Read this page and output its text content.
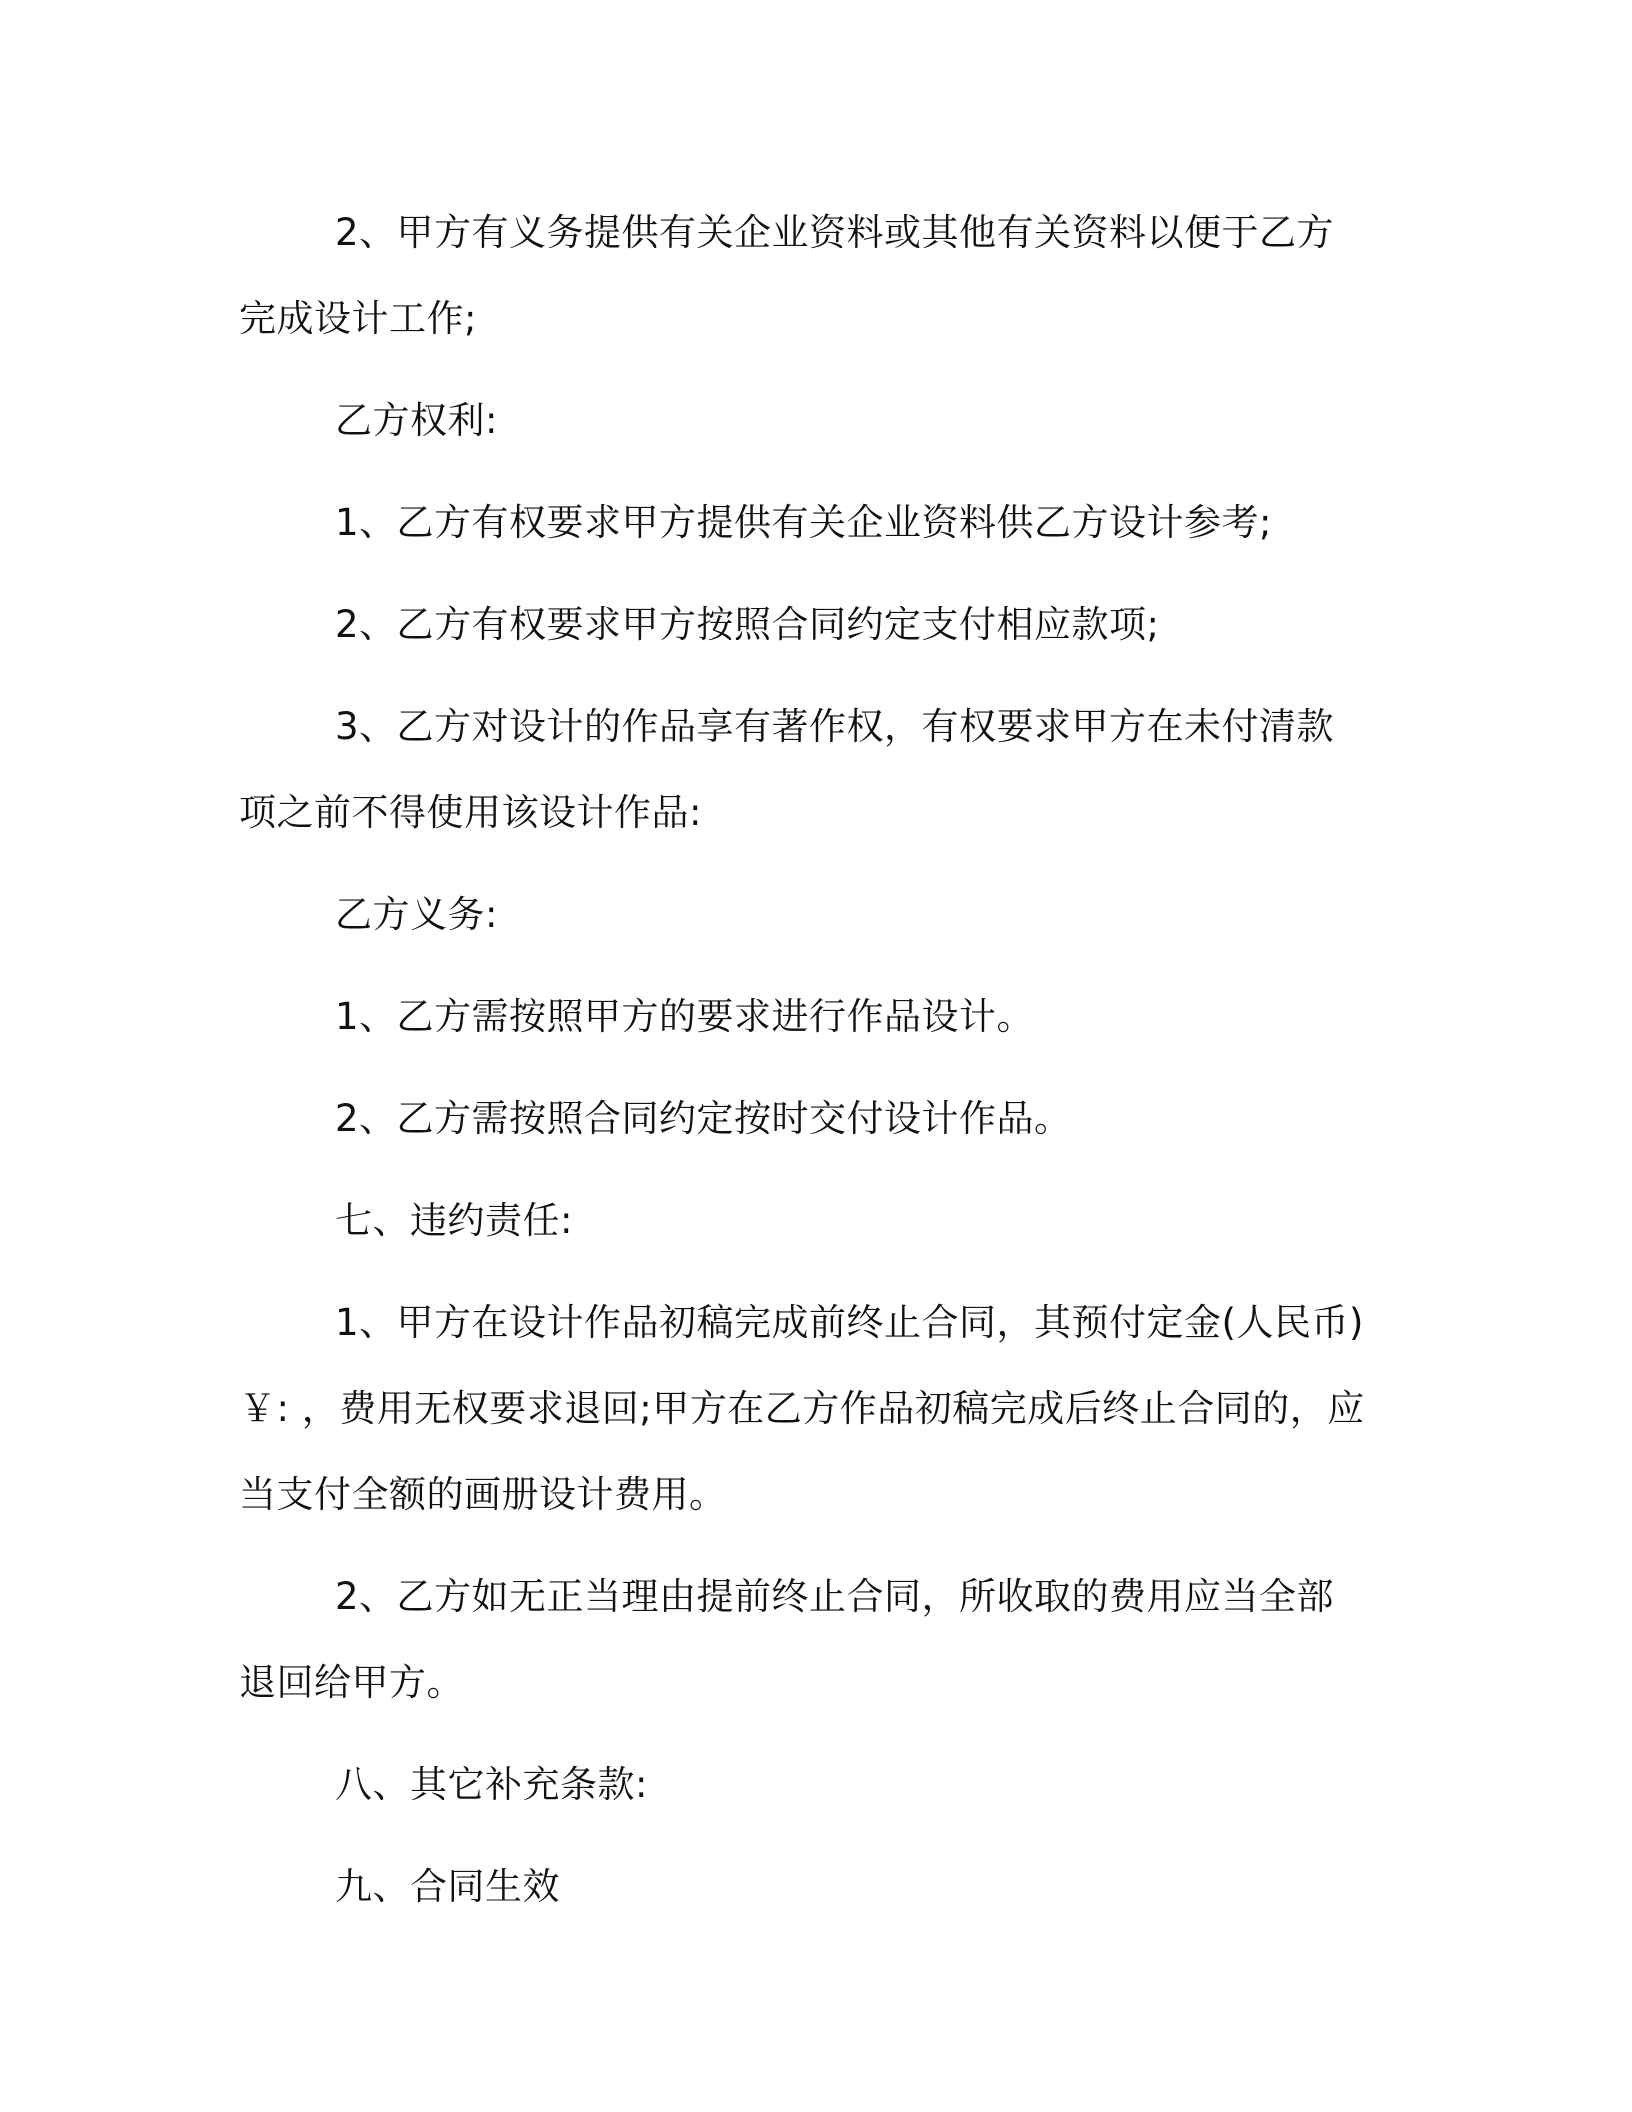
2、甲方有义务提供有关企业资料或其他有关资料以便于乙方完成设计工作;

乙方权利:

1、乙方有权要求甲方提供有关企业资料供乙方设计参考;

2、乙方有权要求甲方按照合同约定支付相应款项;

3、乙方对设计的作品享有著作权，有权要求甲方在未付清款项之前不得使用该设计作品:

乙方义务:

1、乙方需按照甲方的要求进行作品设计。

2、乙方需按照合同约定按时交付设计作品。

七、违约责任:

1、甲方在设计作品初稿完成前终止合同，其预付定金(人民币)￥: ，费用无权要求退回;甲方在乙方作品初稿完成后终止合同的，应当支付全额的画册设计费用。

2、乙方如无正当理由提前终止合同，所收取的费用应当全部退回给甲方。

八、其它补充条款:

九、合同生效
